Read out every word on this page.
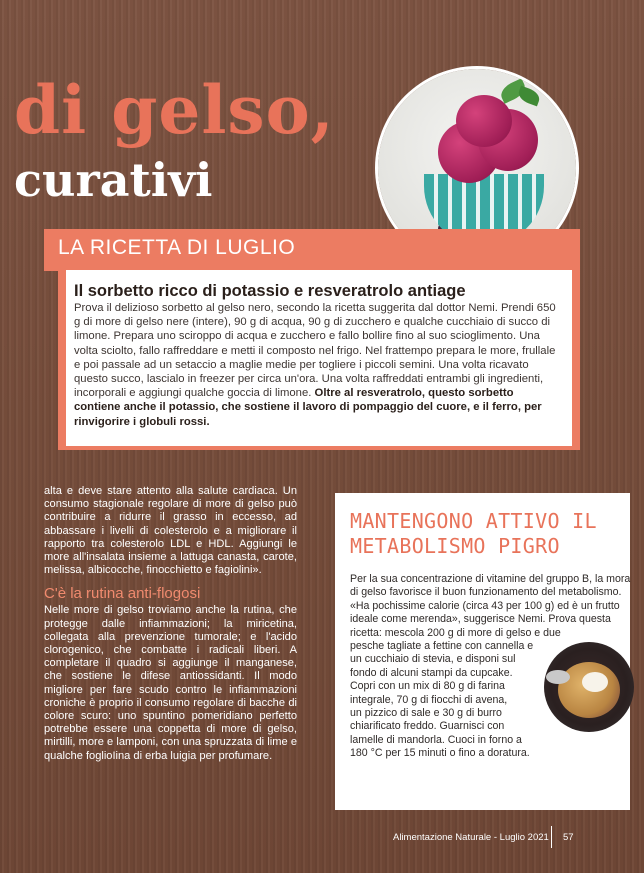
di gelso,
curativi
LA RICETTA DI LUGLIO
Il sorbetto ricco di potassio e resveratrolo antiage
Prova il delizioso sorbetto al gelso nero, secondo la ricetta suggerita dal dottor Nemi. Prendi 650 g di more di gelso nere (intere), 90 g di acqua, 90 g di zucchero e qualche cucchiaio di succo di limone. Prepara uno sciroppo di acqua e zucchero e fallo bollire fino al suo scioglimento. Una volta sciolto, fallo raffreddare e metti il composto nel frigo. Nel frattempo prepara le more, frullale e poi passale ad un setaccio a maglie medie per togliere i piccoli semini. Una volta ricavato questo succo, lascialo in freezer per circa un'ora. Una volta raffreddati entrambi gli ingredienti, incorporali e aggiungi qualche goccia di limone. Oltre al resveratrolo, questo sorbetto contiene anche il potassio, che sostiene il lavoro di pompaggio del cuore, e il ferro, per rinvigorire i globuli rossi.

alta e deve stare attento alla salute cardiaca. Un consumo stagionale regolare di more di gelso può contribuire a ridurre il grasso in eccesso, ad abbassare i livelli di colesterolo e a migliorare il rapporto tra colesterolo LDL e HDL. Aggiungi le more all'insalata insieme a lattuga canasta, carote, melissa, albicocche, finocchietto e fagiolini».

C'è la rutina anti-flogosi

Nelle more di gelso troviamo anche la rutina, che protegge dalle infiammazioni; la miricetina, collegata alla prevenzione tumorale; e l'acido clorogenico, che combatte i radicali liberi. A completare il quadro si aggiunge il manganese, che sostiene le difese antiossidanti. Il modo migliore per fare scudo contro le infiammazioni croniche è proprio il consumo regolare di bacche di colore scuro: uno spuntino pomeridiano perfetto potrebbe essere una coppetta di more di gelso, mirtilli, more e lamponi, con una spruzzata di lime e qualche foglioIina di erba luigia per profumare.

MANTENGONO ATTIVO IL METABOLISMO PIGRO
Per la sua concentrazione di vitamine del gruppo B, la mora
di gelso favorisce il buon funzionamento del metabolismo.
«Ha pochissime calorie (circa 43 per 100 g) ed è un frutto
ideale come merenda», suggerisce Nemi. Prova questa
ricetta: mescola 200 g di more di gelso e due
pesche tagliate a fettine con cannella e
un cucchiaio di stevia, e disponi sul
fondo di alcuni stampi da cupcake.
Copri con un mix di 80 g di farina
integrale, 70 g di fiocchi di avena,
un pizzico di sale e 30 g di burro
chiarificato freddo. Guarnisci con
lamelle di mandorla. Cuoci in forno a
180 °C per 15 minuti o fino a doratura.
Alimentazione Naturale - Luglio 2021 57
